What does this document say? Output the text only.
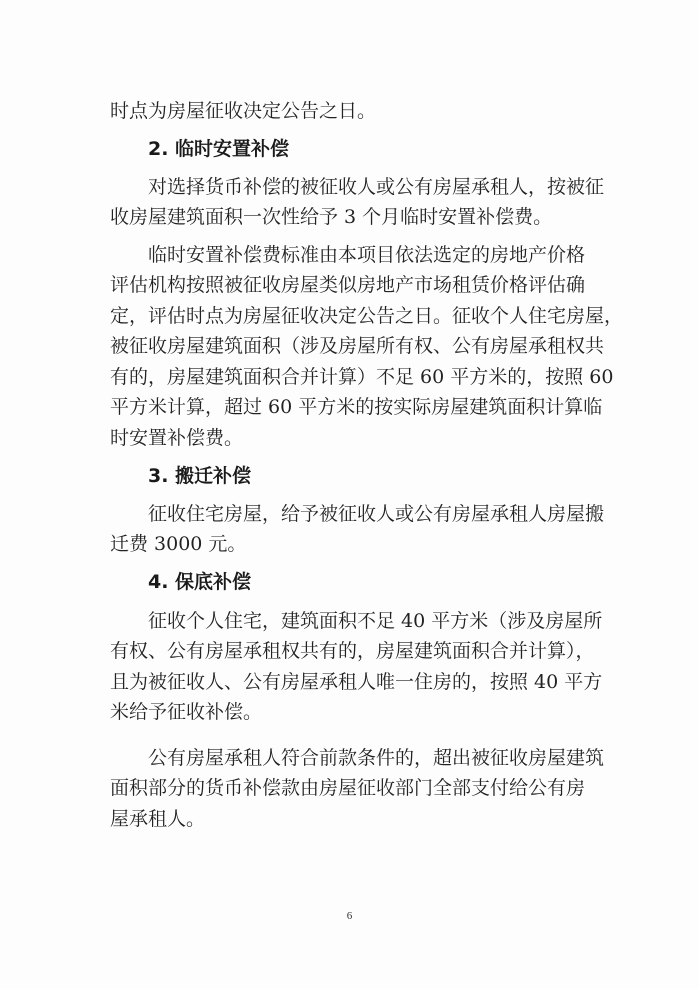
时点为房屋征收决定公告之日。
2. 临时安置补偿
对选择货币补偿的被征收人或公有房屋承租人，按被征
收房屋建筑面积一次性给予 3 个月临时安置补偿费。
临时安置补偿费标准由本项目依法选定的房地产价格
评估机构按照被征收房屋类似房地产市场租赁价格评估确
定，评估时点为房屋征收决定公告之日。征收个人住宅房屋，
被征收房屋建筑面积（涉及房屋所有权、公有房屋承租权共
有的，房屋建筑面积合并计算）不足 60 平方米的，按照 60
平方米计算，超过 60 平方米的按实际房屋建筑面积计算临
时安置补偿费。
3. 搬迁补偿
征收住宅房屋，给予被征收人或公有房屋承租人房屋搬
迁费 3000 元。
4. 保底补偿
征收个人住宅，建筑面积不足 40 平方米（涉及房屋所
有权、公有房屋承租权共有的，房屋建筑面积合并计算），
且为被征收人、公有房屋承租人唯一住房的，按照 40 平方
米给予征收补偿。
公有房屋承租人符合前款条件的，超出被征收房屋建筑
面积部分的货币补偿款由房屋征收部门全部支付给公有房
屋承租人。
6
